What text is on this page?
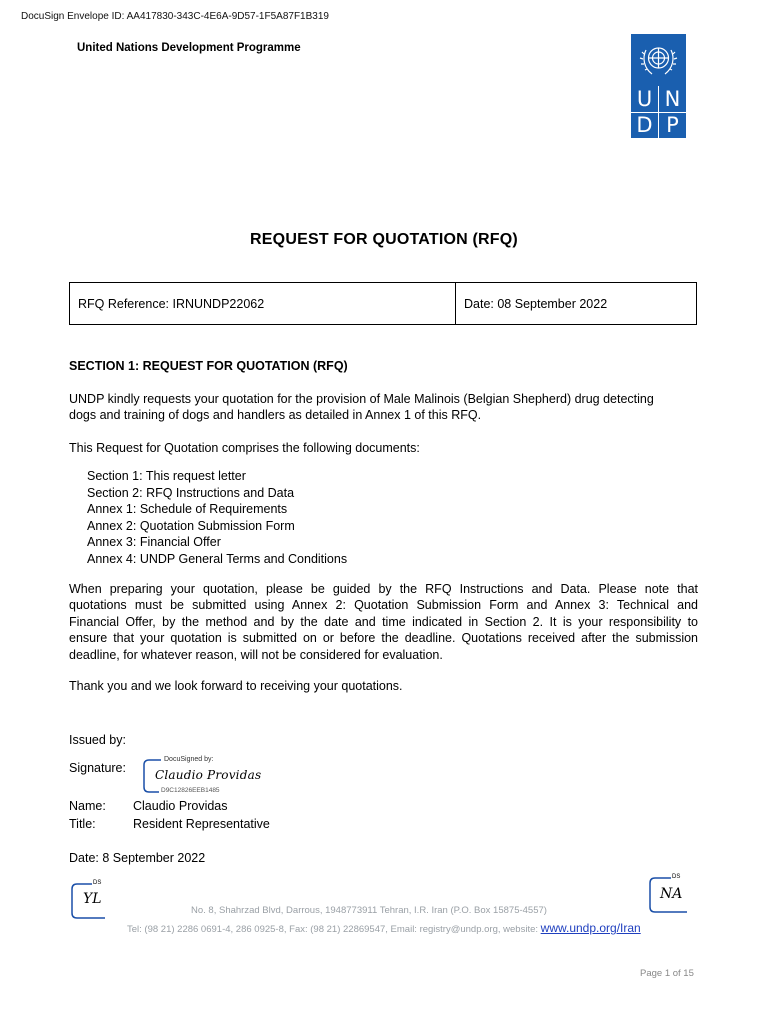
DocuSign Envelope ID: AA417830-343C-4E6A-9D57-1F5A87F1B319
United Nations Development Programme
U N
D P
REQUEST FOR QUOTATION (RFQ)
RFQ Reference: IRNUNDP22062	Date: 08 September 2022
SECTION 1: REQUEST FOR QUOTATION (RFQ)
UNDP kindly requests your quotation for the provision of Male Malinois (Belgian Shepherd) drug detecting
dogs and training of dogs and handlers as detailed in Annex 1 of this RFQ.
This Request for Quotation comprises the following documents:
Section 1: This request letter
Section 2: RFQ Instructions and Data
Annex 1: Schedule of Requirements
Annex 2: Quotation Submission Form
Annex 3: Financial Offer
Annex 4: UNDP General Terms and Conditions
When preparing your quotation, please be guided by the RFQ Instructions and Data. Please note that
quotations must be submitted using Annex 2: Quotation Submission Form and Annex 3: Technical and
Financial Offer, by the method and by the date and time indicated in Section 2. It is your responsibility to
ensure that your quotation is submitted on or before the deadline. Quotations received after the submission
deadline, for whatever reason, will not be considered for evaluation.
Thank you and we look forward to receiving your quotations.
Issued by:
Signature:
DocuSigned by:
Claudio Providas
D9C12826EEB1485
Name: Claudio Providas
Title:	Resident Representative
Date: 8 September 2022
DS
YL
DS
NA
No. 8, Shahrzad Blvd, Darrous, 1948773911 Tehran, I.R. Iran (P.O. Box 15875-4557)
Tel: (98 21) 2286 0691-4, 286 0925-8, Fax: (98 21) 22869547, Email: registry@undp.org, website: www.undp.org/Iran
Page 1 of 15
